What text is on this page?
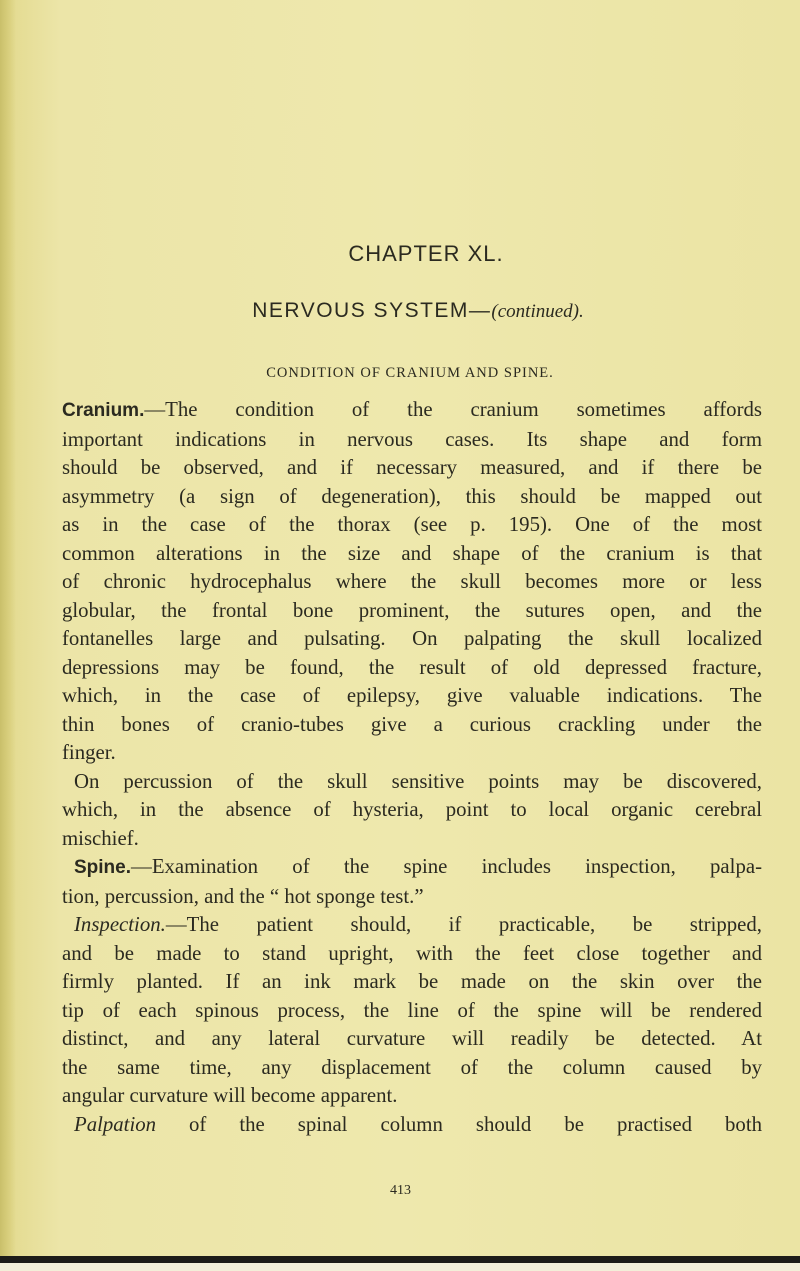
CHAPTER XL.
NERVOUS SYSTEM—(continued).
CONDITION OF CRANIUM AND SPINE.
Cranium.—The condition of the cranium sometimes affords
important indications in nervous cases. Its shape and form
should be observed, and if necessary measured, and if there be
asymmetry (a sign of degeneration), this should be mapped out
as in the case of the thorax (see p. 195). One of the most
common alterations in the size and shape of the cranium is that
of chronic hydrocephalus where the skull becomes more or less
globular, the frontal bone prominent, the sutures open, and the
fontanelles large and pulsating. On palpating the skull localized
depressions may be found, the result of old depressed fracture,
which, in the case of epilepsy, give valuable indications. The
thin bones of cranio-tubes give a curious crackling under the
finger.
On percussion of the skull sensitive points may be discovered,
which, in the absence of hysteria, point to local organic cerebral
mischief.
Spine.—Examination of the spine includes inspection, palpa-
tion, percussion, and the “ hot sponge test.”
Inspection.—The patient should, if practicable, be stripped,
and be made to stand upright, with the feet close together and
firmly planted. If an ink mark be made on the skin over the
tip of each spinous process, the line of the spine will be rendered
distinct, and any lateral curvature will readily be detected. At
the same time, any displacement of the column caused by
angular curvature will become apparent.
Palpation of the spinal column should be practised both
413
